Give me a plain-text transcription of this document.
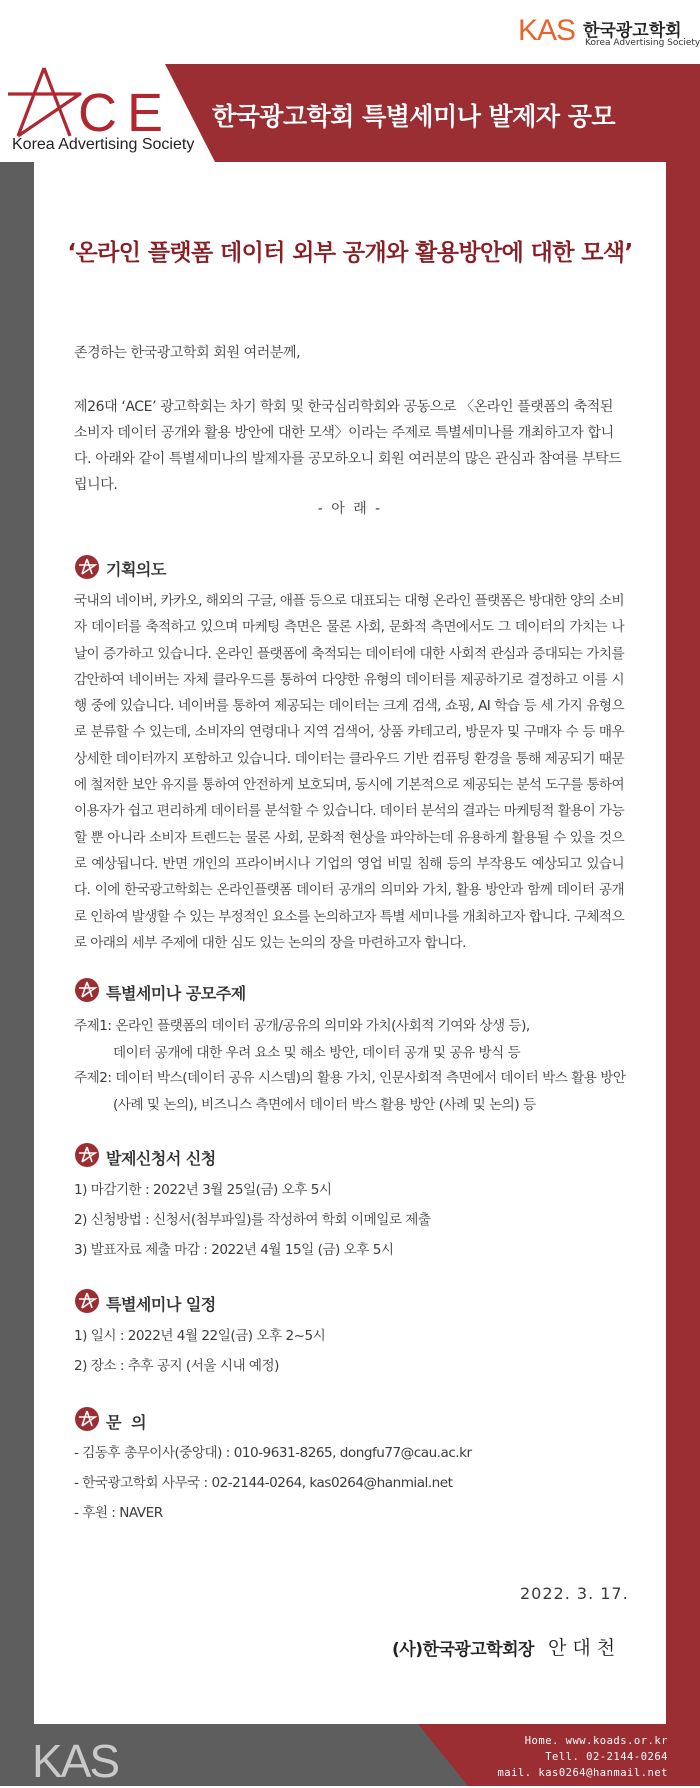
KAS 한국광고학회
Korea Advertising Society
한국광고학회 특별세미나 발제자 공모
CE
Korea Advertising Society
‘온라인 플랫폼 데이터 외부 공개와 활용방안에 대한 모색’
존경하는 한국광고학회 회원 여러분께,
제26대 ‘ACE’ 광고학회는 차기 학회 및 한국심리학회와 공동으로 〈온라인 플랫폼의 축적된 소비자 데이터 공개와 활용 방안에 대한 모색〉이라는 주제로 특별세미나를 개최하고자 합니다. 아래와 같이 특별세미나의 발제자를 공모하오니 회원 여러분의 많은 관심과 참여를 부탁드립니다.
- 아 래 -
기획의도
국내의 네이버, 카카오, 해외의 구글, 애플 등으로 대표되는 대형 온라인 플랫폼은 방대한 양의 소비자 데이터를 축적하고 있으며 마케팅 측면은 물론 사회, 문화적 측면에서도 그 데이터의 가치는 나날이 증가하고 있습니다. 온라인 플랫폼에 축적되는 데이터에 대한 사회적 관심과 증대되는 가치를 감안하여 네이버는 자체 클라우드를 통하여 다양한 유형의 데이터를 제공하기로 결정하고 이를 시행 중에 있습니다. 네이버를 통하여 제공되는 데이터는 크게 검색, 쇼핑, AI 학습 등 세 가지 유형으로 분류할 수 있는데, 소비자의 연령대나 지역 검색어, 상품 카테고리, 방문자 및 구매자 수 등 매우 상세한 데이터까지 포함하고 있습니다. 데이터는 클라우드 기반 컴퓨팅 환경을 통해 제공되기 때문에 철저한 보안 유지를 통하여 안전하게 보호되며, 동시에 기본적으로 제공되는 분석 도구를 통하여 이용자가 쉽고 편리하게 데이터를 분석할 수 있습니다. 데이터 분석의 결과는 마케팅적 활용이 가능할 뿐 아니라 소비자 트렌드는 물론 사회, 문화적 현상을 파악하는데 유용하게 활용될 수 있을 것으로 예상됩니다. 반면 개인의 프라이버시나 기업의 영업 비밀 침해 등의 부작용도 예상되고 있습니다. 이에 한국광고학회는 온라인플랫폼 데이터 공개의 의미와 가치, 활용 방안과 함께 데이터 공개로 인하여 발생할 수 있는 부정적인 요소를 논의하고자 특별 세미나를 개최하고자 합니다. 구체적으로 아래의 세부 주제에 대한 심도 있는 논의의 장을 마련하고자 합니다.
특별세미나 공모주제
주제1: 온라인 플랫폼의 데이터 공개/공유의 의미와 가치(사회적 기여와 상생 등),
데이터 공개에 대한 우려 요소 및 해소 방안, 데이터 공개 및 공유 방식 등
주제2: 데이터 박스(데이터 공유 시스템)의 활용 가치, 인문사회적 측면에서 데이터 박스 활용 방안
(사례 및 논의), 비즈니스 측면에서 데이터 박스 활용 방안 (사례 및 논의) 등
발제신청서 신청
1) 마감기한 : 2022년 3월 25일(금) 오후 5시
2) 신청방법 : 신청서(첨부파일)를 작성하여 학회 이메일로 제출
3) 발표자료 제출 마감 : 2022년 4월 15일 (금) 오후 5시
특별세미나 일정
1) 일시 : 2022년 4월 22일(금) 오후 2~5시
2) 장소 : 추후 공지 (서울 시내 예정)
문  의
- 김동후 총무이사(중앙대) : 010-9631-8265, dongfu77@cau.ac.kr
- 한국광고학회 사무국 : 02-2144-0264, kas0264@hanmial.net
- 후원 : NAVER
2022. 3. 17.
(사)한국광고학회장 안대천
KAS	Home. www.koads.or.kr
Tell. 02-2144-0264
mail. kas0264@hanmail.net
